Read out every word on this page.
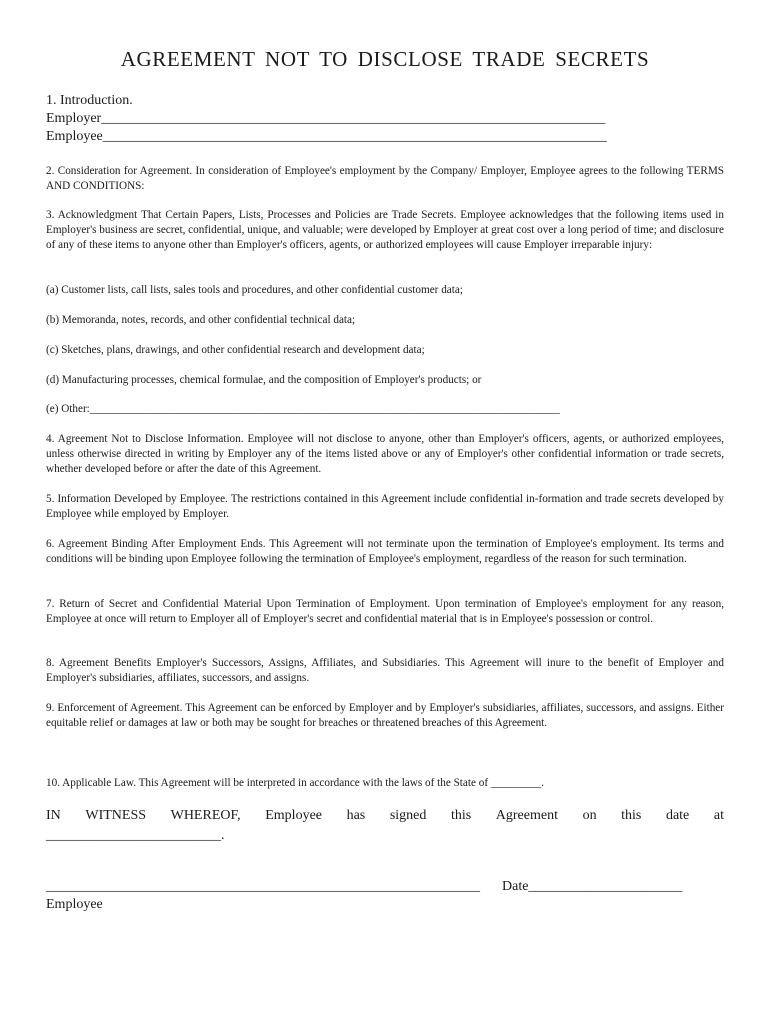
AGREEMENT NOT TO DISCLOSE TRADE SECRETS
1. Introduction.
Employer________________________________________________________________________
Employee________________________________________________________________________
2. Consideration for Agreement. In consideration of Employee's employment by the Company/ Employer, Employee agrees to the following TERMS AND CONDITIONS:
3. Acknowledgment That Certain Papers, Lists, Processes and Policies are Trade Secrets. Employee acknowledges that the following items used in Employer's business are secret, confidential, unique, and valuable; were developed by Employer at great cost over a long period of time; and disclosure of any of these items to anyone other than Employer's officers, agents, or authorized employees will cause Employer irreparable injury:
(a) Customer lists, call lists, sales tools and procedures, and other confidential customer data;
(b) Memoranda, notes, records, and other confidential technical data;
(c) Sketches, plans, drawings, and other confidential research and development data;
(d) Manufacturing processes, chemical formulae, and the composition of Employer's products; or
(e) Other:____________________________________________________________________________________
4. Agreement Not to Disclose Information. Employee will not disclose to anyone, other than Employer's officers, agents, or authorized employees, unless otherwise directed in writing by Employer any of the items listed above or any of Employer's other confidential information or trade secrets, whether developed before or after the date of this Agreement.
5. Information Developed by Employee. The restrictions contained in this Agreement include confidential in-formation and trade secrets developed by Employee while employed by Employer.
6. Agreement Binding After Employment Ends. This Agreement will not terminate upon the termination of Employee's employment. Its terms and conditions will be binding upon Employee following the termination of Employee's employment, regardless of the reason for such termination.
7. Return of Secret and Confidential Material Upon Termination of Employment. Upon termination of Employee's employment for any reason, Employee at once will return to Employer all of Employer's secret and confidential material that is in Employee's possession or control.
8. Agreement Benefits Employer's Successors, Assigns, Affiliates, and Subsidiaries. This Agreement will inure to the benefit of Employer and Employer's subsidiaries, affiliates, successors, and assigns.
9. Enforcement of Agreement. This Agreement can be enforced by Employer and by Employer's subsidiaries, affiliates, successors, and assigns. Either equitable relief or damages at law or both may be sought for breaches or threatened breaches of this Agreement.
10. Applicable Law. This Agreement will be interpreted in accordance with the laws of the State of _________.
IN WITNESS WHEREOF, Employee has signed this Agreement on this date at
_________________________.
______________________________________________________________	Date______________________
Employee
